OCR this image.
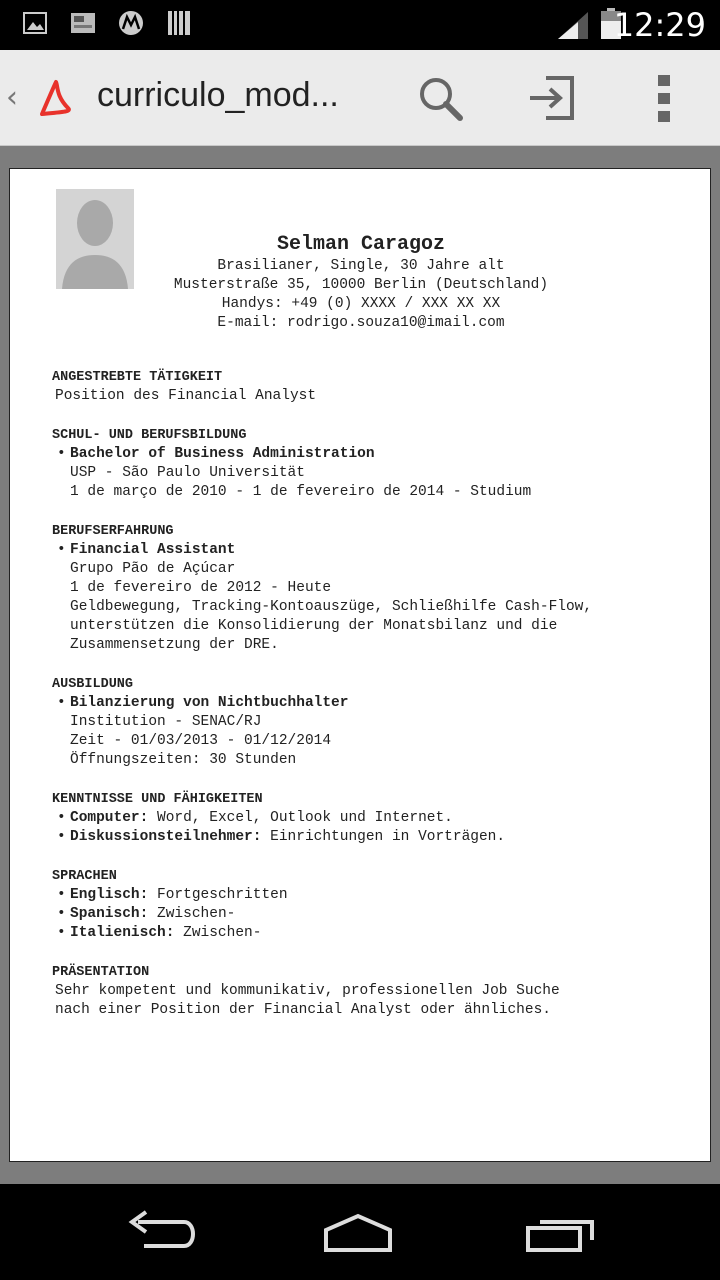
12:29
‹ curriculo_mod...
Selman Caragoz
Brasilianer, Single, 30 Jahre alt
Musterstraße 35, 10000 Berlin (Deutschland)
Handys: +49 (0) XXXX / XXX XX XX
E-mail: rodrigo.souza10@imail.com
ANGESTREBTE TÄTIGKEIT
Position des Financial Analyst
SCHUL- UND BERUFSBILDUNG
• Bachelor of Business Administration
USP - São Paulo Universität
1 de março de 2010 - 1 de fevereiro de 2014 - Studium
BERUFSERFAHRUNG
• Financial Assistant
Grupo Pão de Açúcar
1 de fevereiro de 2012 - Heute
Geldbewegung, Tracking-Kontoauszüge, Schließhilfe Cash-Flow,
unterstützen die Konsolidierung der Monatsbilanz und die
Zusammensetzung der DRE.
AUSBILDUNG
• Bilanzierung von Nichtbuchhalter
Institution - SENAC/RJ
Zeit - 01/03/2013 - 01/12/2014
Öffnungszeiten: 30 Stunden
KENNTNISSE UND FÄHIGKEITEN
• Computer: Word, Excel, Outlook und Internet.
• Diskussionsteilnehmer: Einrichtungen in Vorträgen.
SPRACHEN
• Englisch: Fortgeschritten
• Spanisch: Zwischen-
• Italienisch: Zwischen-
PRÄSENTATION
Sehr kompetent und kommunikativ, professionellen Job Suche
nach einer Position der Financial Analyst oder ähnliches.
